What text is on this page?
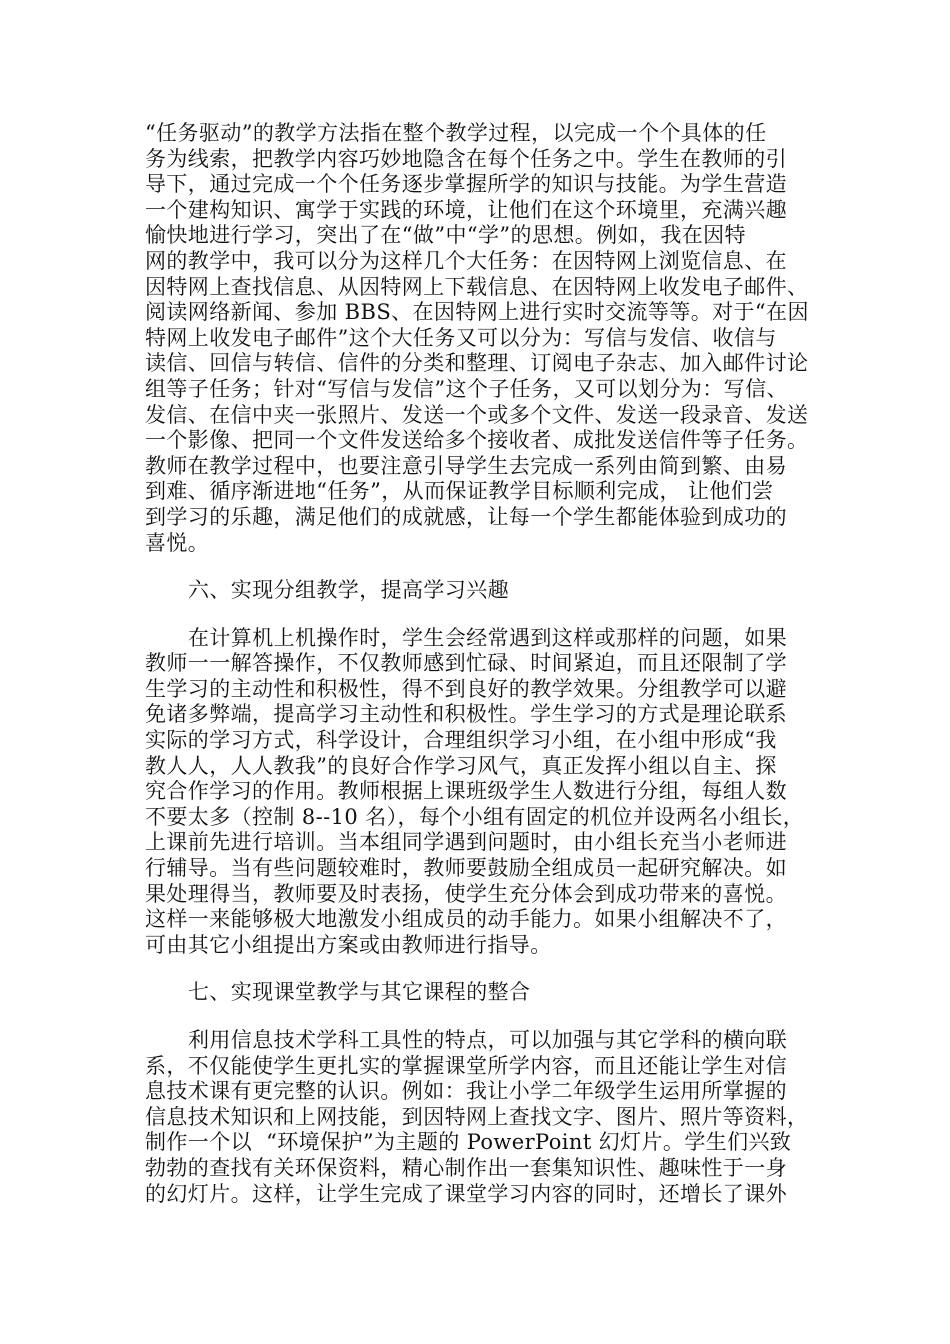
“任务驱动”的教学方法指在整个教学过程，以完成一个个具体的任
务为线索，把教学内容巧妙地隐含在每个任务之中。学生在教师的引
导下，通过完成一个个任务逐步掌握所学的知识与技能。为学生营造
一个建构知识、寓学于实践的环境，让他们在这个环境里，充满兴趣
愉快地进行学习，突出了在“做”中“学”的思想。例如，我在因特
网的教学中，我可以分为这样几个大任务：在因特网上浏览信息、在
因特网上查找信息、从因特网上下载信息、在因特网上收发电子邮件、
阅读网络新闻、参加 BBS、在因特网上进行实时交流等等。对于“在因
特网上收发电子邮件”这个大任务又可以分为：写信与发信、收信与
读信、回信与转信、信件的分类和整理、订阅电子杂志、加入邮件讨论
组等子任务；针对“写信与发信”这个子任务，又可以划分为：写信、
发信、在信中夹一张照片、发送一个或多个文件、发送一段录音、发送
一个影像、把同一个文件发送给多个接收者、成批发送信件等子任务。
教师在教学过程中，也要注意引导学生去完成一系列由简到繁、由易
到难、循序渐进地“任务”，从而保证教学目标顺利完成， 让他们尝
到学习的乐趣，满足他们的成就感，让每一个学生都能体验到成功的
喜悦。
六、实现分组教学，提高学习兴趣
在计算机上机操作时，学生会经常遇到这样或那样的问题，如果
教师一一解答操作，不仅教师感到忙碌、时间紧迫，而且还限制了学
生学习的主动性和积极性，得不到良好的教学效果。分组教学可以避
免诸多弊端，提高学习主动性和积极性。学生学习的方式是理论联系
实际的学习方式，科学设计，合理组织学习小组，在小组中形成“我
教人人，人人教我”的良好合作学习风气，真正发挥小组以自主、探
究合作学习的作用。教师根据上课班级学生人数进行分组，每组人数
不要太多（控制 8--10 名），每个小组有固定的机位并设两名小组长，
上课前先进行培训。当本组同学遇到问题时，由小组长充当小老师进
行辅导。当有些问题较难时，教师要鼓励全组成员一起研究解决。如
果处理得当，教师要及时表扬，使学生充分体会到成功带来的喜悦。
这样一来能够极大地激发小组成员的动手能力。如果小组解决不了，
可由其它小组提出方案或由教师进行指导。
七、实现课堂教学与其它课程的整合
利用信息技术学科工具性的特点，可以加强与其它学科的横向联
系，不仅能使学生更扎实的掌握课堂所学内容，而且还能让学生对信
息技术课有更完整的认识。例如：我让小学二年级学生运用所掌握的
信息技术知识和上网技能，到因特网上查找文字、图片、照片等资料，
制作一个以  “环境保护”为主题的 PowerPoint 幻灯片。学生们兴致
勃勃的查找有关环保资料，精心制作出一套集知识性、趣味性于一身
的幻灯片。这样，让学生完成了课堂学习内容的同时，还增长了课外
